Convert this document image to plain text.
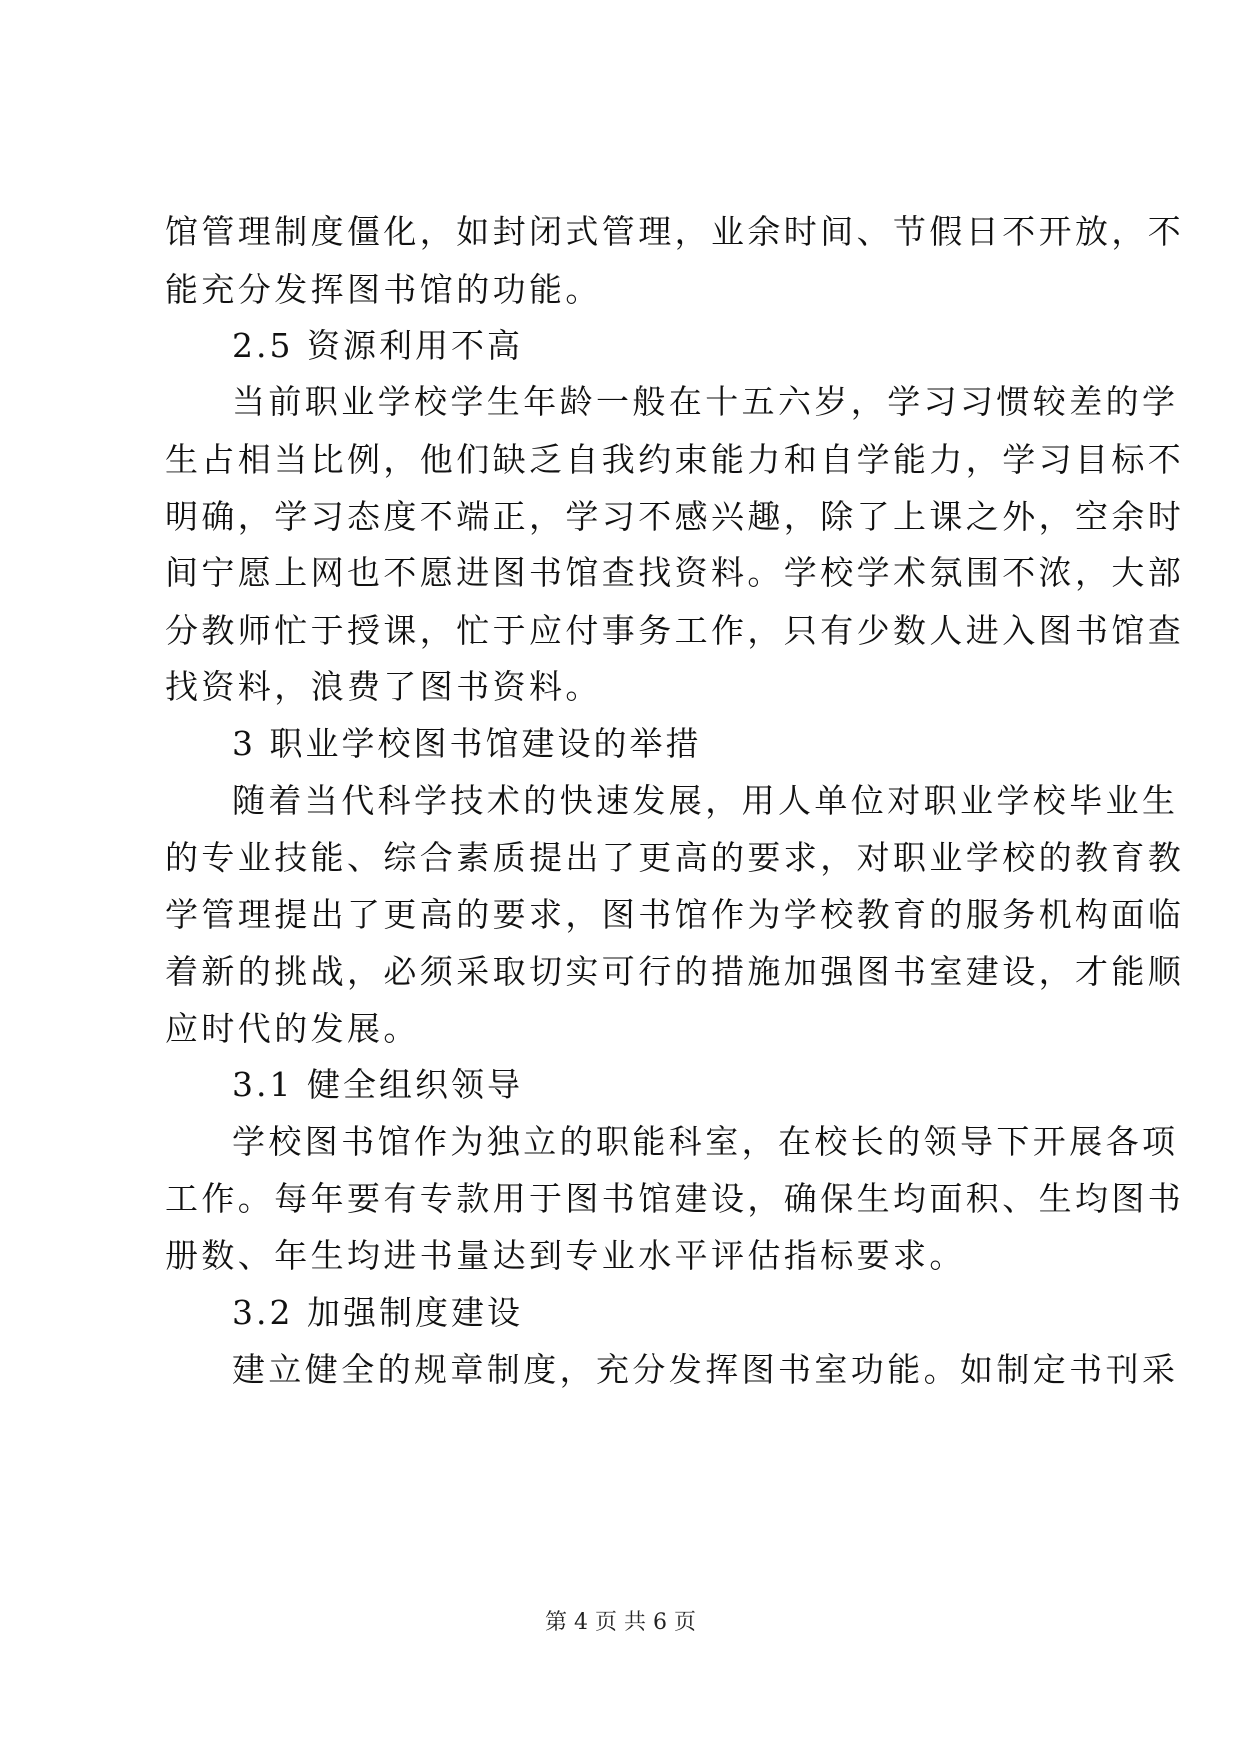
馆管理制度僵化，如封闭式管理，业余时间、节假日不开放，不
能充分发挥图书馆的功能。
2.5 资源利用不高
当前职业学校学生年龄一般在十五六岁，学习习惯较差的学
生占相当比例，他们缺乏自我约束能力和自学能力，学习目标不
明确，学习态度不端正，学习不感兴趣，除了上课之外，空余时
间宁愿上网也不愿进图书馆查找资料。学校学术氛围不浓，大部
分教师忙于授课，忙于应付事务工作，只有少数人进入图书馆查
找资料，浪费了图书资料。
3 职业学校图书馆建设的举措
随着当代科学技术的快速发展，用人单位对职业学校毕业生
的专业技能、综合素质提出了更高的要求，对职业学校的教育教
学管理提出了更高的要求，图书馆作为学校教育的服务机构面临
着新的挑战，必须采取切实可行的措施加强图书室建设，才能顺
应时代的发展。
3.1 健全组织领导
学校图书馆作为独立的职能科室，在校长的领导下开展各项
工作。每年要有专款用于图书馆建设，确保生均面积、生均图书
册数、年生均进书量达到专业水平评估指标要求。
3.2 加强制度建设
建立健全的规章制度，充分发挥图书室功能。如制定书刊采
第 4 页 共 6 页
